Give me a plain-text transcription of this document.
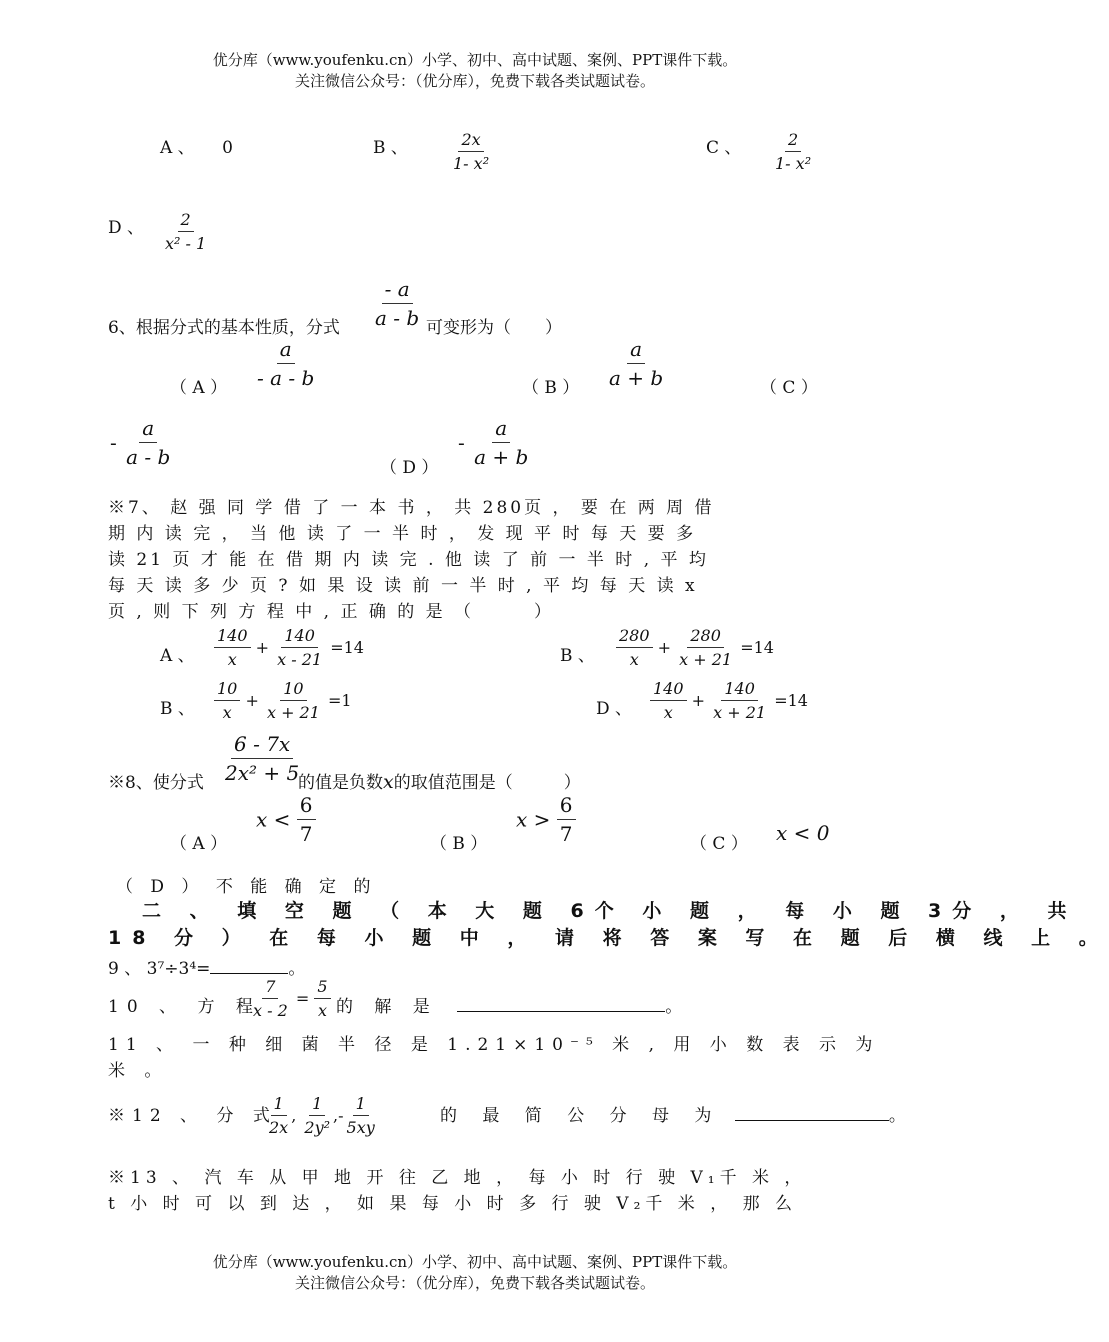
优分库（www.youfenku.cn）小学、初中、高中试题、案例、PPT课件下载。
关注微信公众号：（优分库），免费下载各类试题试卷。
A 、 0	B 、	$\frac{2x}{\text{1- x²}}$	C 、 $\frac{2}{\text{1- x²}}$
D 、 $\frac{2}{\text{x² - 1}}$
6、根据分式的基本性质，分式 $\frac{- a}{a - b}$ 可变形为（　　）
（ A ） $\frac{a}{- a - b}$	（ B ） $\frac{a}{a + b}$	（ C ）
- $\frac{a}{a - b}$	（ D ）
- $\frac{a}{a + b}$
※7、 赵 强 同 学 借 了 一 本 书 ， 共 280页 ， 要 在 两 周 借
期 内 读 完 ， 当 他 读 了 一 半 时 ， 发 现 平 时 每 天 要 多
读 21 页 才 能 在 借 期 内 读 完 . 他 读 了 前 一 半 时 , 平 均
每 天 读 多 少 页 ? 如 果 设 读 前 一 半 时 , 平 均 每 天 读 x
页 , 则 下 列 方 程 中 , 正 确 的 是 （　　　）
A 、 $\frac{140}{x} + \frac{140}{x - 21} =14$	B 、 $\frac{280}{x} + \frac{280}{x + 21} =14$
B 、 $\frac{10}{x} + \frac{10}{x + 21} =1$	D 、 $\frac{140}{x} + \frac{140}{x + 21} =14$
※8、使分式 $\frac{6 - 7x}{\text{2x² + 5}}$
的值是负数x的取值范围是（　　　）
（ A ）
$x < \frac{6}{7}$	（ B ）
$x > \frac{6}{7}$	（ C ） x < 0
（ D ） 不 能 确 定 的
二 、 填 空 题 （ 本 大 题 6个 小 题 ， 每 小 题 3分 ， 共
18 分 ） 在 每 小 题 中 ， 请 将 答 案 写 在 题 后 横 线 上 。
9 、 3⁷÷3⁴=	。
10 、 方 程
$\frac{7}{x - 2} = \frac{5}{x}$ 的 解 是	。
11 、 一 种 细 菌 半 径 是 1.21×10⁻⁵ 米 , 用 小 数 表 示 为
米 。
※12 、 分 式
$\frac{1}{2x}$ , $\frac{1}{\text{2y²}}$ ,- $\frac{1}{5xy}$	的 最 简 公 分 母 为	。
※13 、 汽 车 从 甲 地 开 往 乙 地 ， 每 小 时 行 驶 V₁千 米 ，
t 小 时 可 以 到 达 ， 如 果 每 小 时 多 行 驶 V₂千 米 ， 那 么
优分库（www.youfenku.cn）小学、初中、高中试题、案例、PPT课件下载。
关注微信公众号：（优分库），免费下载各类试题试卷。
